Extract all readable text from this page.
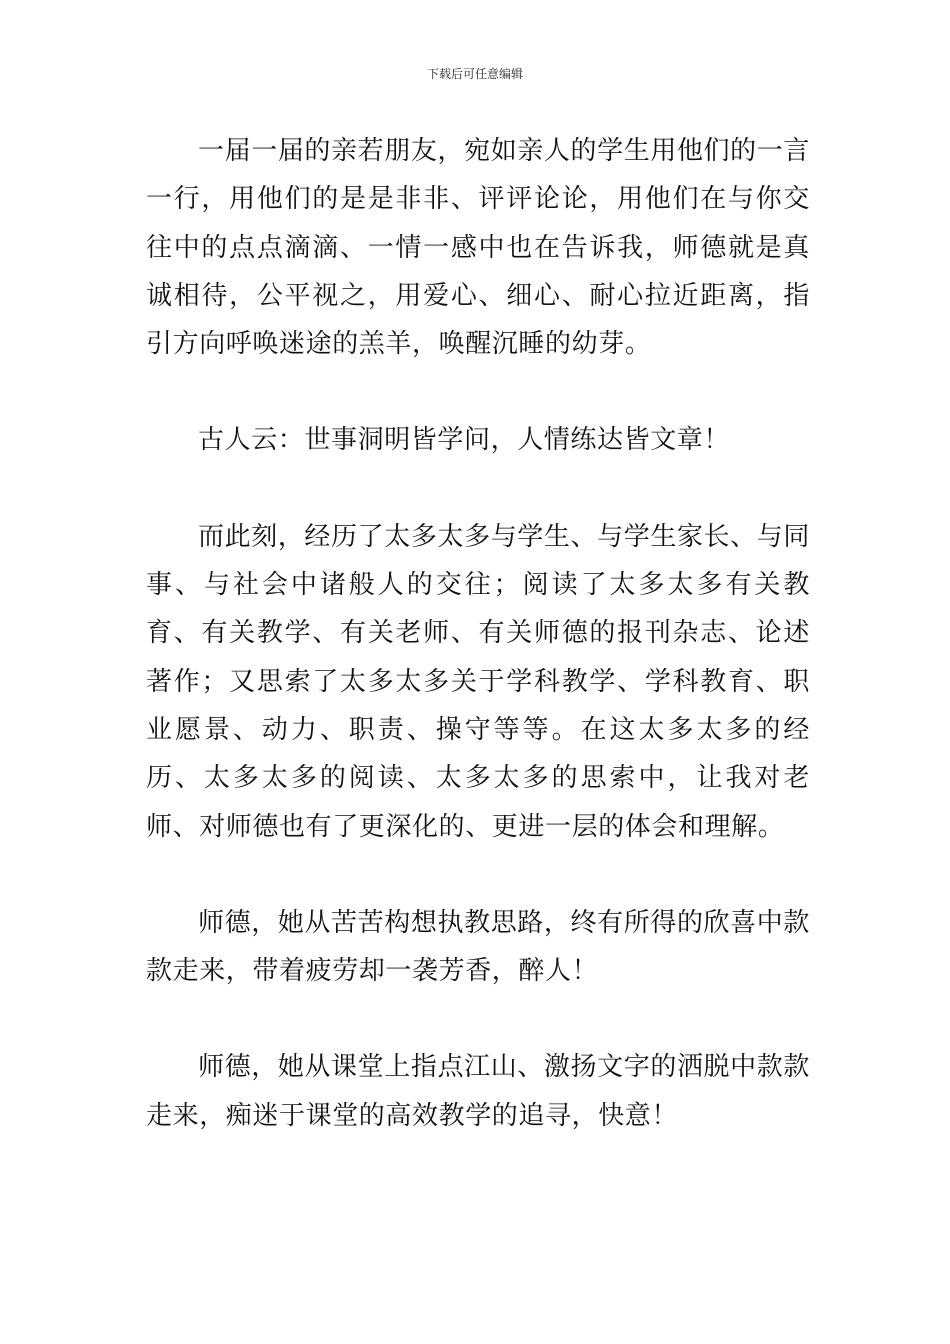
下载后可任意编辑

一届一届的亲若朋友，宛如亲人的学生用他们的一言一行，用他们的是是非非、评评论论，用他们在与你交往中的点点滴滴、一情一感中也在告诉我，师德就是真诚相待，公平视之，用爱心、细心、耐心拉近距离，指引方向呼唤迷途的羔羊，唤醒沉睡的幼芽。

古人云：世事洞明皆学问，人情练达皆文章！

而此刻，经历了太多太多与学生、与学生家长、与同事、与社会中诸般人的交往；阅读了太多太多有关教育、有关教学、有关老师、有关师德的报刊杂志、论述著作；又思索了太多太多关于学科教学、学科教育、职业愿景、动力、职责、操守等等。在这太多太多的经历、太多太多的阅读、太多太多的思索中，让我对老师、对师德也有了更深化的、更进一层的体会和理解。

师德，她从苦苦构想执教思路，终有所得的欣喜中款款走来，带着疲劳却一袭芳香，醉人！

师德，她从课堂上指点江山、激扬文字的洒脱中款款走来，痴迷于课堂的高效教学的追寻，快意！
